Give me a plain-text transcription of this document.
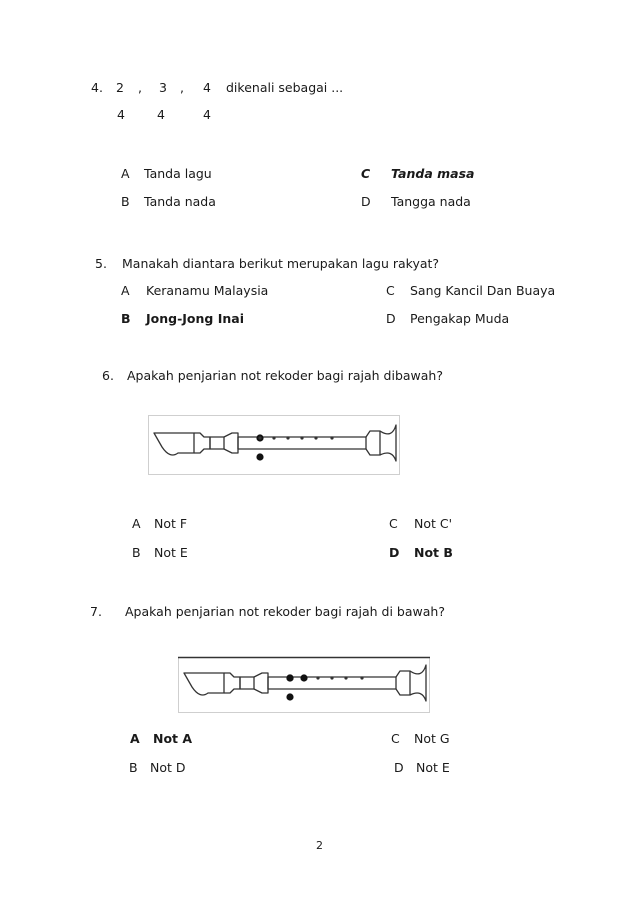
4. 2 , 3 , 4 dikenali sebagai ...
4	4	4
A Tanda lagu
B Tanda nada
C Tanda masa
D Tangga nada
5. Manakah diantara berikut merupakan lagu rakyat?
A Keranamu Malaysia
B Jong-Jong Inai
C Sang Kancil Dan Buaya
D Pengakap Muda
6. Apakah penjarian not rekoder bagi rajah dibawah?
A Not F
B Not E
C Not C'
D Not B
7. Apakah penjarian not rekoder bagi rajah di bawah?
A Not A
B Not D
C Not G
D Not E
2
